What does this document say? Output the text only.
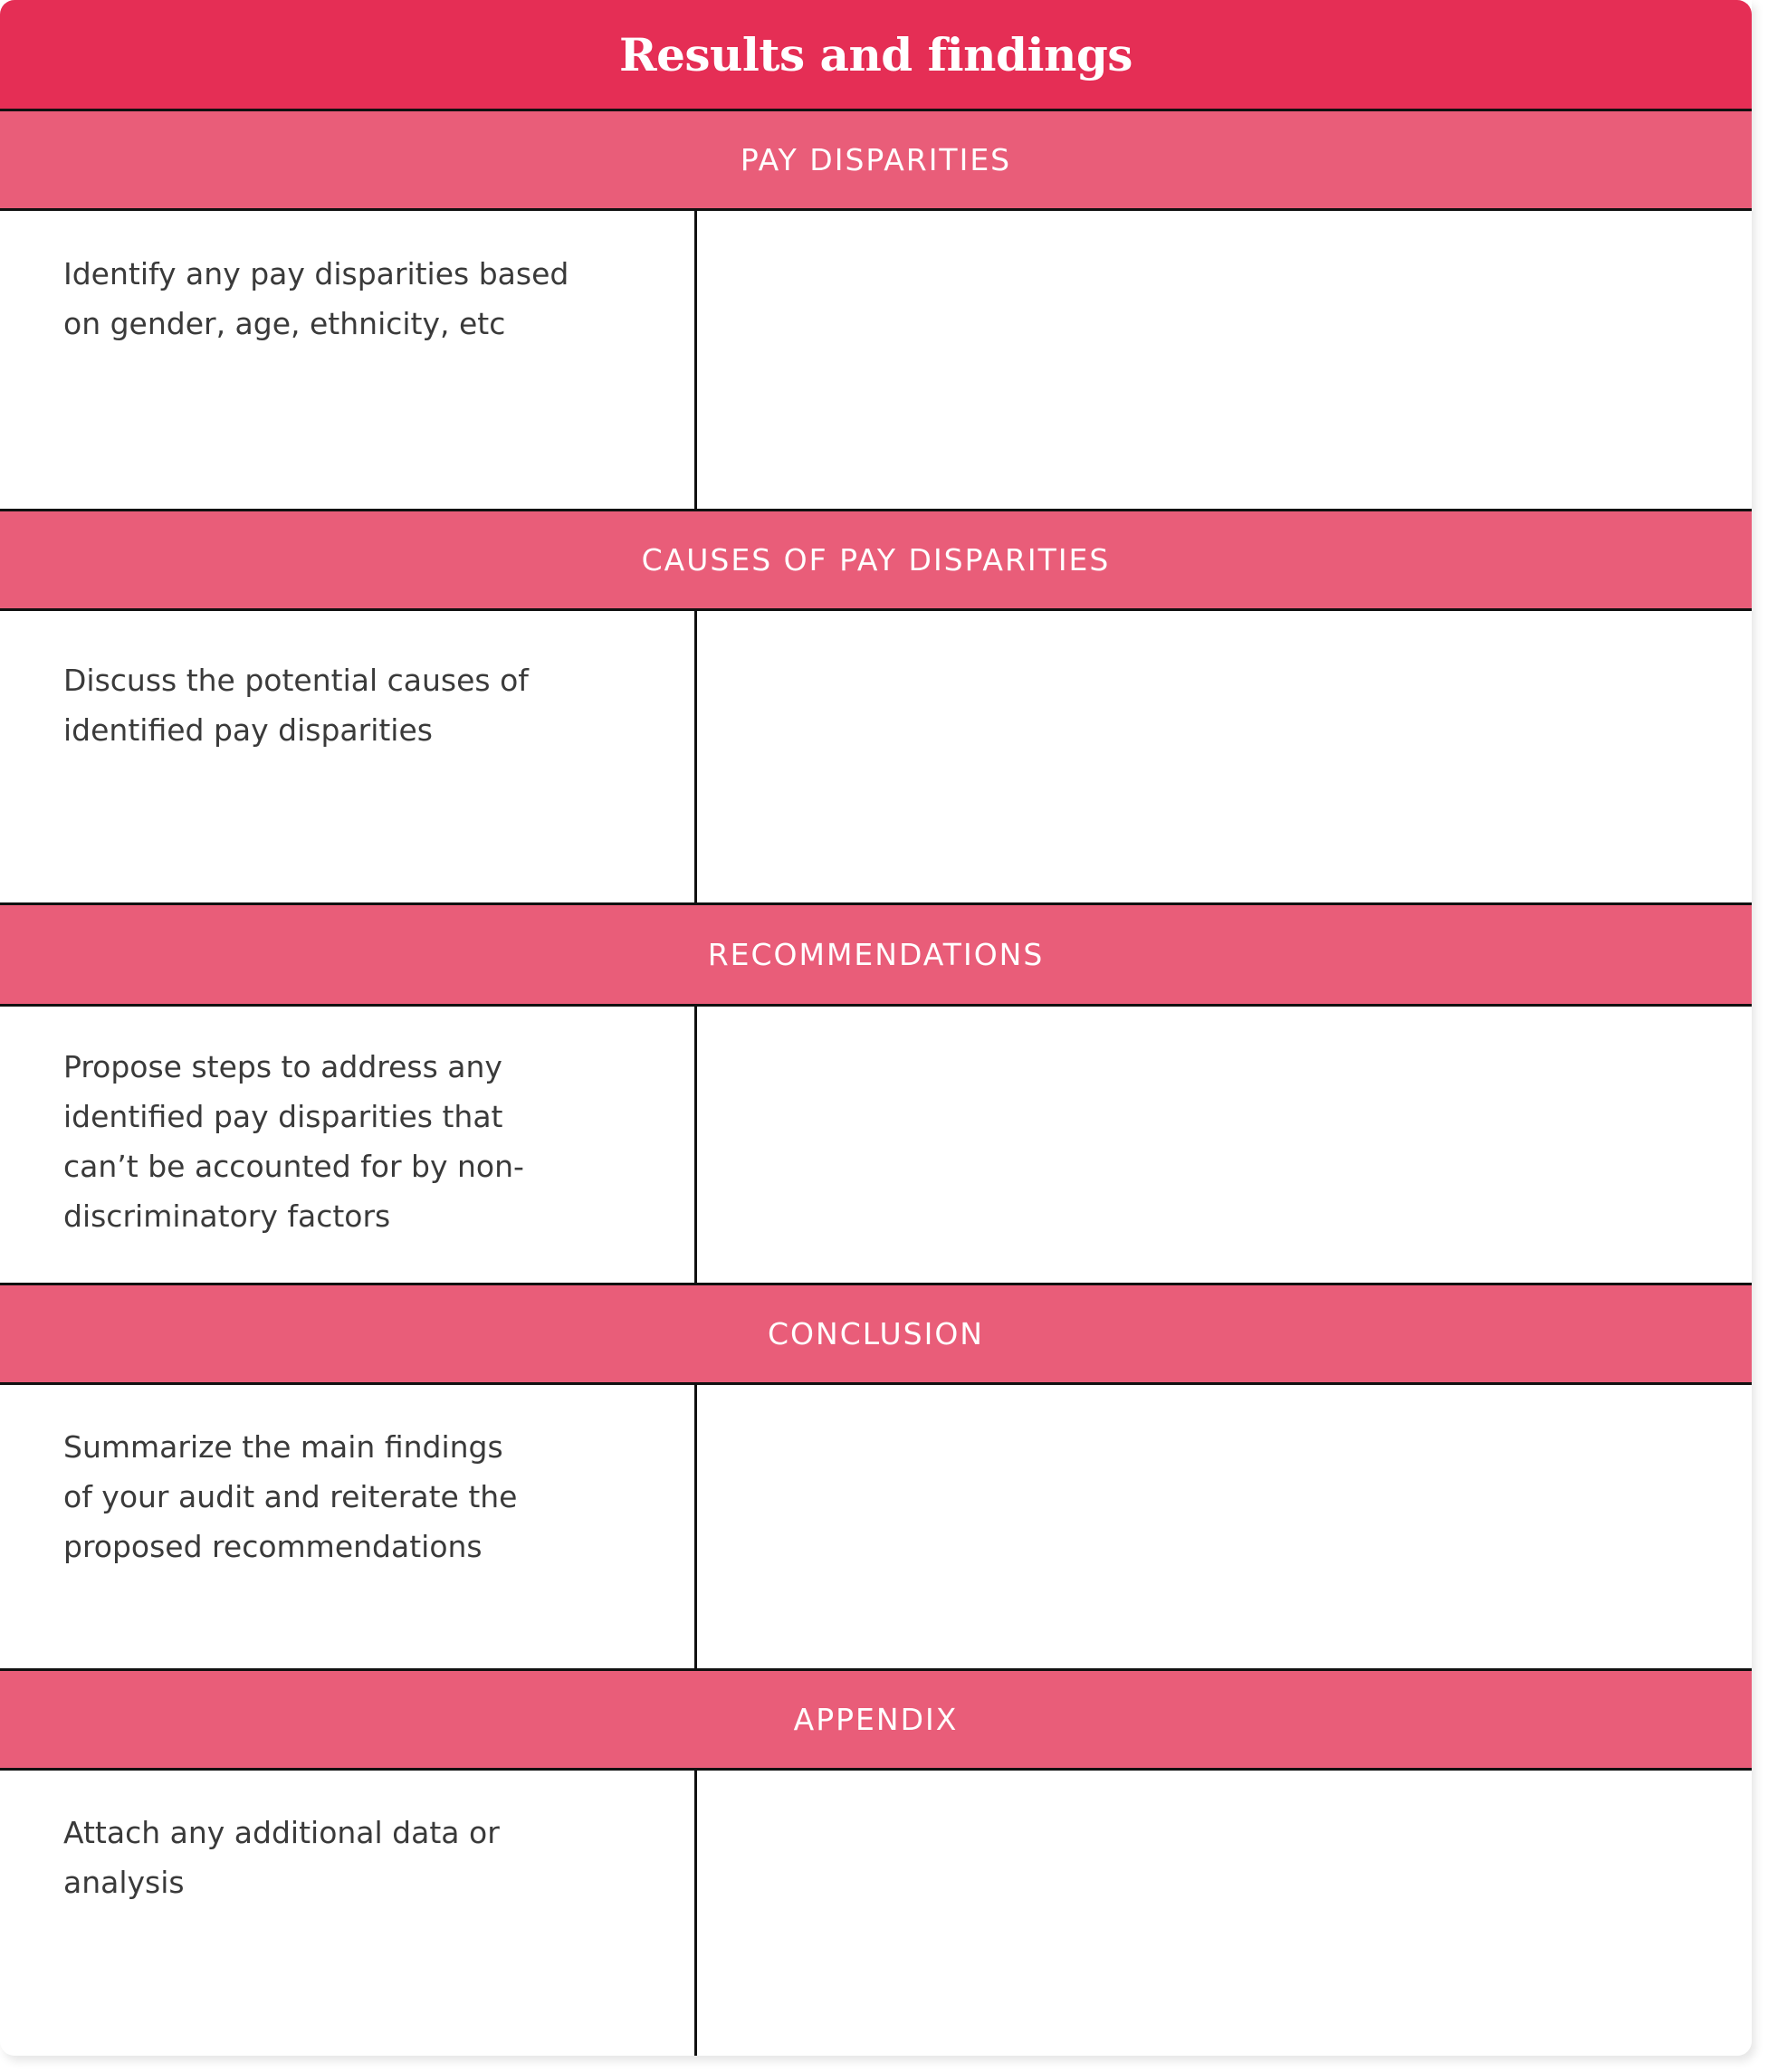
Results and findings
PAY DISPARITIES
Identify any pay disparities based
on gender, age, ethnicity, etc
CAUSES OF PAY DISPARITIES
Discuss the potential causes of
identified pay disparities
RECOMMENDATIONS
Propose steps to address any
identified pay disparities that
can’t be accounted for by non-
discriminatory factors
CONCLUSION
Summarize the main findings
of your audit and reiterate the
proposed recommendations
APPENDIX
Attach any additional data or
analysis
